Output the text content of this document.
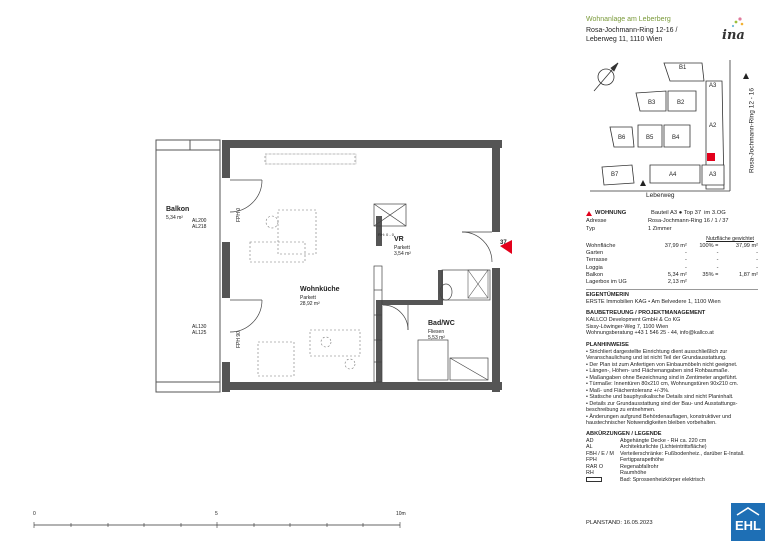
Wohnanlage am Leberberg
Rosa-Jochmann-Ring 12-16 /
Leberweg 11, 1110 Wien	ina
B1
A3
B3	B2
A2
B6	B5	B4
B7	A4	A3
Leberweg
Rosa-Jochmann-Ring 12 - 16
Balkon
5,34 m² AL200
AL218
AL130
AL125
FPH 0
FPH 90
RH: 0 - 0
VR
Parkett
3,54 m²
Wohnküche
Parkett
28,92 m²
Bad/WC
Fliesen
5,53 m²
37
0	5	10m
WOHNUNG	Bauteil A3 ● Top 37 im 3.OG
Adresse	Rosa-Jochmann-Ring 16 / 1 / 37
Typ	1 Zimmer
Nutzfläche gewichtet
Wohnfläche	37,99 m²	100% =	37,99 m²
Garten	-	-	-
Terrasse	-	-	-
Loggia	-	-	-
Balkon	5,34 m²	35% =	1,87 m²
Lagerbox im UG	2,13 m²
EIGENTÜMERIN
ERSTE Immobilien KAG • Am Belvedere 1, 1100 Wien
BAUBETREUUNG / PROJEKTMANAGEMENT
KALLCO Development GmbH & Co KG
Sissy-Löwinger-Weg 7, 1100 Wien
Wohnungsberatung +43 1 546 25 - 44, info@kallco.at
PLANHINWEISE
• Strichliert dargestellte Einrichtung dient ausschließlich zur
Veranschaulichung und ist nicht Teil der Grundausstattung.
• Der Plan ist zum Anfertigen von Einbaumöbeln nicht geeignet.
• Längen-, Höhen- und Flächenangaben sind Rohbaumaße.
• Maßangaben ohne Bezeichnung sind in Zentimeter angeführt.
• Türmaße: Innentüren 80x210 cm, Wohnungstüren 90x210 cm.
• Maß- und Flächentoleranz +/-3%.
• Statische und bauphysikalische Details sind nicht Planinhalt.
• Details zur Grundausstattung sind der Bau- und Ausstattungs-
beschreibung zu entnehmen.
• Änderungen aufgrund Behördenauflagen, konstruktiver und
haustechnischer Notwendigkeiten bleiben vorbehalten.
ABKÜRZUNGEN / LEGENDE
AD	Abgehängte Decke - RH ca. 220 cm
AL	Architekturlichte (Lichteintrittsfläche)
FBH / E / M	Verteilerschränke: Fußbodenheiz., darüber E-Install.
FPH	Fertigparapethöhe
RAR O	Regenabfallrohr
RH	Raumhöhe
Bad: Sprossenheizkörper elektrisch
PLANSTAND: 16.05.2023	EHL
